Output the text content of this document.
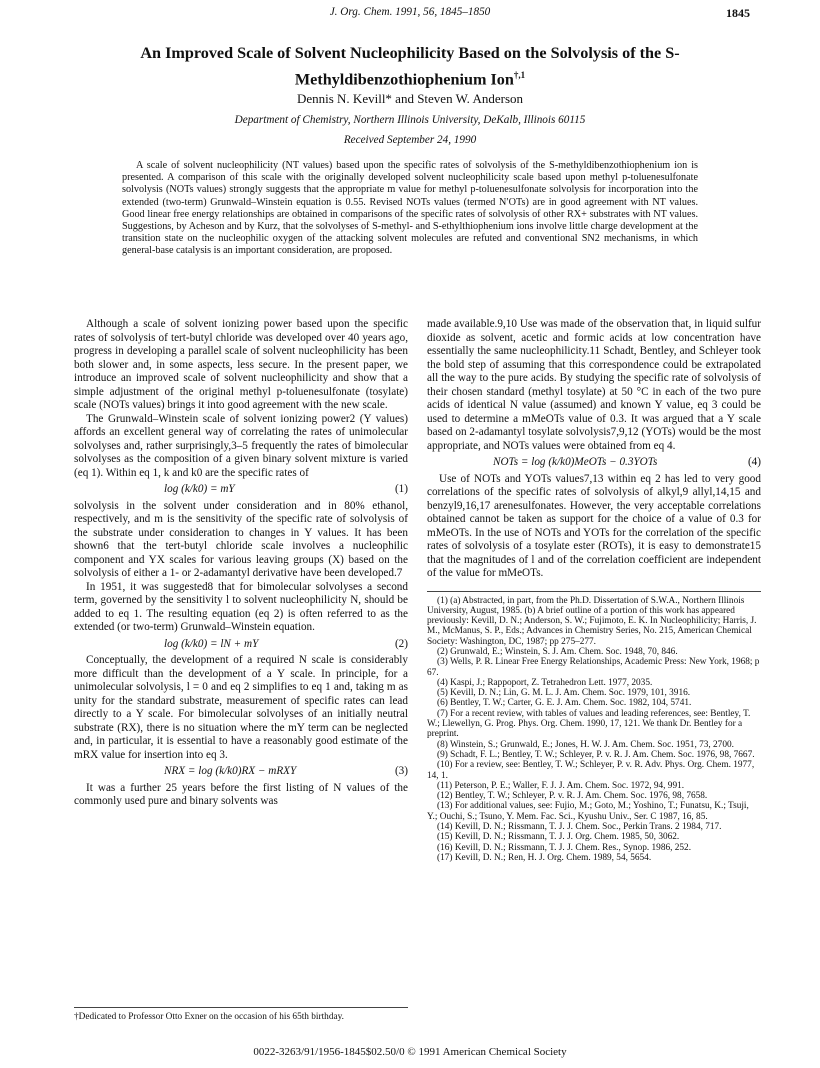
J. Org. Chem. 1991, 56, 1845–1850	1845
An Improved Scale of Solvent Nucleophilicity Based on the Solvolysis of the S-Methyldibenzothiophenium Ion$^{\dagger,1}$
Dennis N. Kevill* and Steven W. Anderson
Department of Chemistry, Northern Illinois University, DeKalb, Illinois 60115
Received September 24, 1990
A scale of solvent nucleophilicity (NT values) based upon the specific rates of solvolysis of the S-methyldibenzothiophenium ion is presented. A comparison of this scale with the originally developed solvent nucleophilicity scale based upon methyl p-toluenesulfonate solvolysis (NOTs values) strongly suggests that the appropriate m value for methyl p-toluenesulfonate solvolysis for incorporation into the extended (two-term) Grunwald–Winstein equation is 0.55. Revised NOTs values (termed N′OTs) are in good agreement with NT values. Good linear free energy relationships are obtained in comparisons of the specific rates of solvolysis of other RX+ substrates with NT values. Suggestions, by Acheson and by Kurz, that the solvolyses of S-methyl- and S-ethylthiophenium ions involve little charge development at the transition state on the nucleophilic oxygen of the attacking solvent molecules are refuted and conventional SN2 mechanisms, in which general-base catalysis is an important consideration, are proposed.

Although a scale of solvent ionizing power based upon the specific rates of solvolysis of tert-butyl chloride was developed over 40 years ago, progress in developing a parallel scale of solvent nucleophilicity has been both slower and, in some aspects, less secure. In the present paper, we introduce an improved scale of solvent nucleophilicity and show that a simple adjustment of the original methyl p-toluenesulfonate (tosylate) scale (NOTs values) brings it into good agreement with the new scale.

The Grunwald–Winstein scale of solvent ionizing power2 (Y values) affords an excellent general way of correlating the rates of unimolecular solvolyses and, rather surprisingly,3–5 frequently the rates of bimolecular solvolyses as the composition of a given binary solvent mixture is varied (eq 1). Within eq 1, k and k0 are the specific rates of

log (k/k0) = mY	(1)

solvolysis in the solvent under consideration and in 80% ethanol, respectively, and m is the sensitivity of the specific rate of solvolysis of the substrate under consideration to changes in Y values. It has been shown6 that the tert-butyl chloride scale involves a nucleophilic component and YX scales for various leaving groups (X) based on the solvolysis of either a 1- or 2-adamantyl derivative have been developed.7

In 1951, it was suggested8 that for bimolecular solvolyses a second term, governed by the sensitivity l to solvent nucleophilicity N, should be added to eq 1. The resulting equation (eq 2) is often referred to as the extended (or two-term) Grunwald–Winstein equation.

log (k/k0) = lN + mY	(2)

Conceptually, the development of a required N scale is considerably more difficult than the development of a Y scale. In principle, for a unimolecular solvolysis, l = 0 and eq 2 simplifies to eq 1 and, taking m as unity for the standard substrate, measurement of specific rates can lead directly to a Y scale. For bimolecular solvolyses of an initially neutral substrate (RX), there is no situation where the mY term can be neglected and, in particular, it is essential to have a reasonably good estimate of the mRX value for insertion into eq 3.

NRX = log (k/k0)RX − mRXY	(3)

It was a further 25 years before the first listing of N values of the commonly used pure and binary solvents was

†Dedicated to Professor Otto Exner on the occasion of his 65th birthday.

made available.9,10 Use was made of the observation that, in liquid sulfur dioxide as solvent, acetic and formic acids at low concentration have essentially the same nucleophilicity.11 Schadt, Bentley, and Schleyer took the bold step of assuming that this correspondence could be extrapolated all the way to the pure acids. By studying the specific rate of solvolysis of their chosen standard (methyl tosylate) at 50 °C in each of the two pure acids of identical N value (assumed) and known Y value, eq 3 could be used to determine a mMeOTs value of 0.3. It was argued that a Y scale based on 2-adamantyl tosylate solvolysis7,9,12 (YOTs) would be the most appropriate, and NOTs values were obtained from eq 4.

NOTs = log (k/k0)MeOTs − 0.3YOTs	(4)

Use of NOTs and YOTs values7,13 within eq 2 has led to very good correlations of the specific rates of solvolysis of alkyl,9 allyl,14,15 and benzyl9,16,17 arenesulfonates. However, the very acceptable correlations obtained cannot be taken as support for the choice of a value of 0.3 for mMeOTs. In the use of NOTs and YOTs for the correlation of the specific rates of solvolysis of a tosylate ester (ROTs), it is easy to demonstrate15 that the magnitudes of l and of the correlation coefficient are independent of the value for mMeOTs.

(1) (a) Abstracted, in part, from the Ph.D. Dissertation of S.W.A., Northern Illinois University, August, 1985. (b) A brief outline of a portion of this work has appeared previously: Kevill, D. N.; Anderson, S. W.; Fujimoto, E. K. In Nucleophilicity; Harris, J. M., McManus, S. P., Eds.; Advances in Chemistry Series, No. 215, American Chemical Society: Washington, DC, 1987; pp 275–277.
(2) Grunwald, E.; Winstein, S. J. Am. Chem. Soc. 1948, 70, 846.
(3) Wells, P. R. Linear Free Energy Relationships, Academic Press: New York, 1968; p 67.
(4) Kaspi, J.; Rappoport, Z. Tetrahedron Lett. 1977, 2035.
(5) Kevill, D. N.; Lin, G. M. L. J. Am. Chem. Soc. 1979, 101, 3916.
(6) Bentley, T. W.; Carter, G. E. J. Am. Chem. Soc. 1982, 104, 5741.
(7) For a recent review, with tables of values and leading references, see: Bentley, T. W.; Llewellyn, G. Prog. Phys. Org. Chem. 1990, 17, 121. We thank Dr. Bentley for a preprint.
(8) Winstein, S.; Grunwald, E.; Jones, H. W. J. Am. Chem. Soc. 1951, 73, 2700.
(9) Schadt, F. L.; Bentley, T. W.; Schleyer, P. v. R. J. Am. Chem. Soc. 1976, 98, 7667.
(10) For a review, see: Bentley, T. W.; Schleyer, P. v. R. Adv. Phys. Org. Chem. 1977, 14, 1.
(11) Peterson, P. E.; Waller, F. J. J. Am. Chem. Soc. 1972, 94, 991.
(12) Bentley, T. W.; Schleyer, P. v. R. J. Am. Chem. Soc. 1976, 98, 7658.
(13) For additional values, see: Fujio, M.; Goto, M.; Yoshino, T.; Funatsu, K.; Tsuji, Y.; Ouchi, S.; Tsuno, Y. Mem. Fac. Sci., Kyushu Univ., Ser. C 1987, 16, 85.
(14) Kevill, D. N.; Rissmann, T. J. J. Chem. Soc., Perkin Trans. 2 1984, 717.
(15) Kevill, D. N.; Rissmann, T. J. J. Org. Chem. 1985, 50, 3062.
(16) Kevill, D. N.; Rissmann, T. J. J. Chem. Res., Synop. 1986, 252.
(17) Kevill, D. N.; Ren, H. J. Org. Chem. 1989, 54, 5654.
0022-3263/91/1956-1845$02.50/0 © 1991 American Chemical Society
